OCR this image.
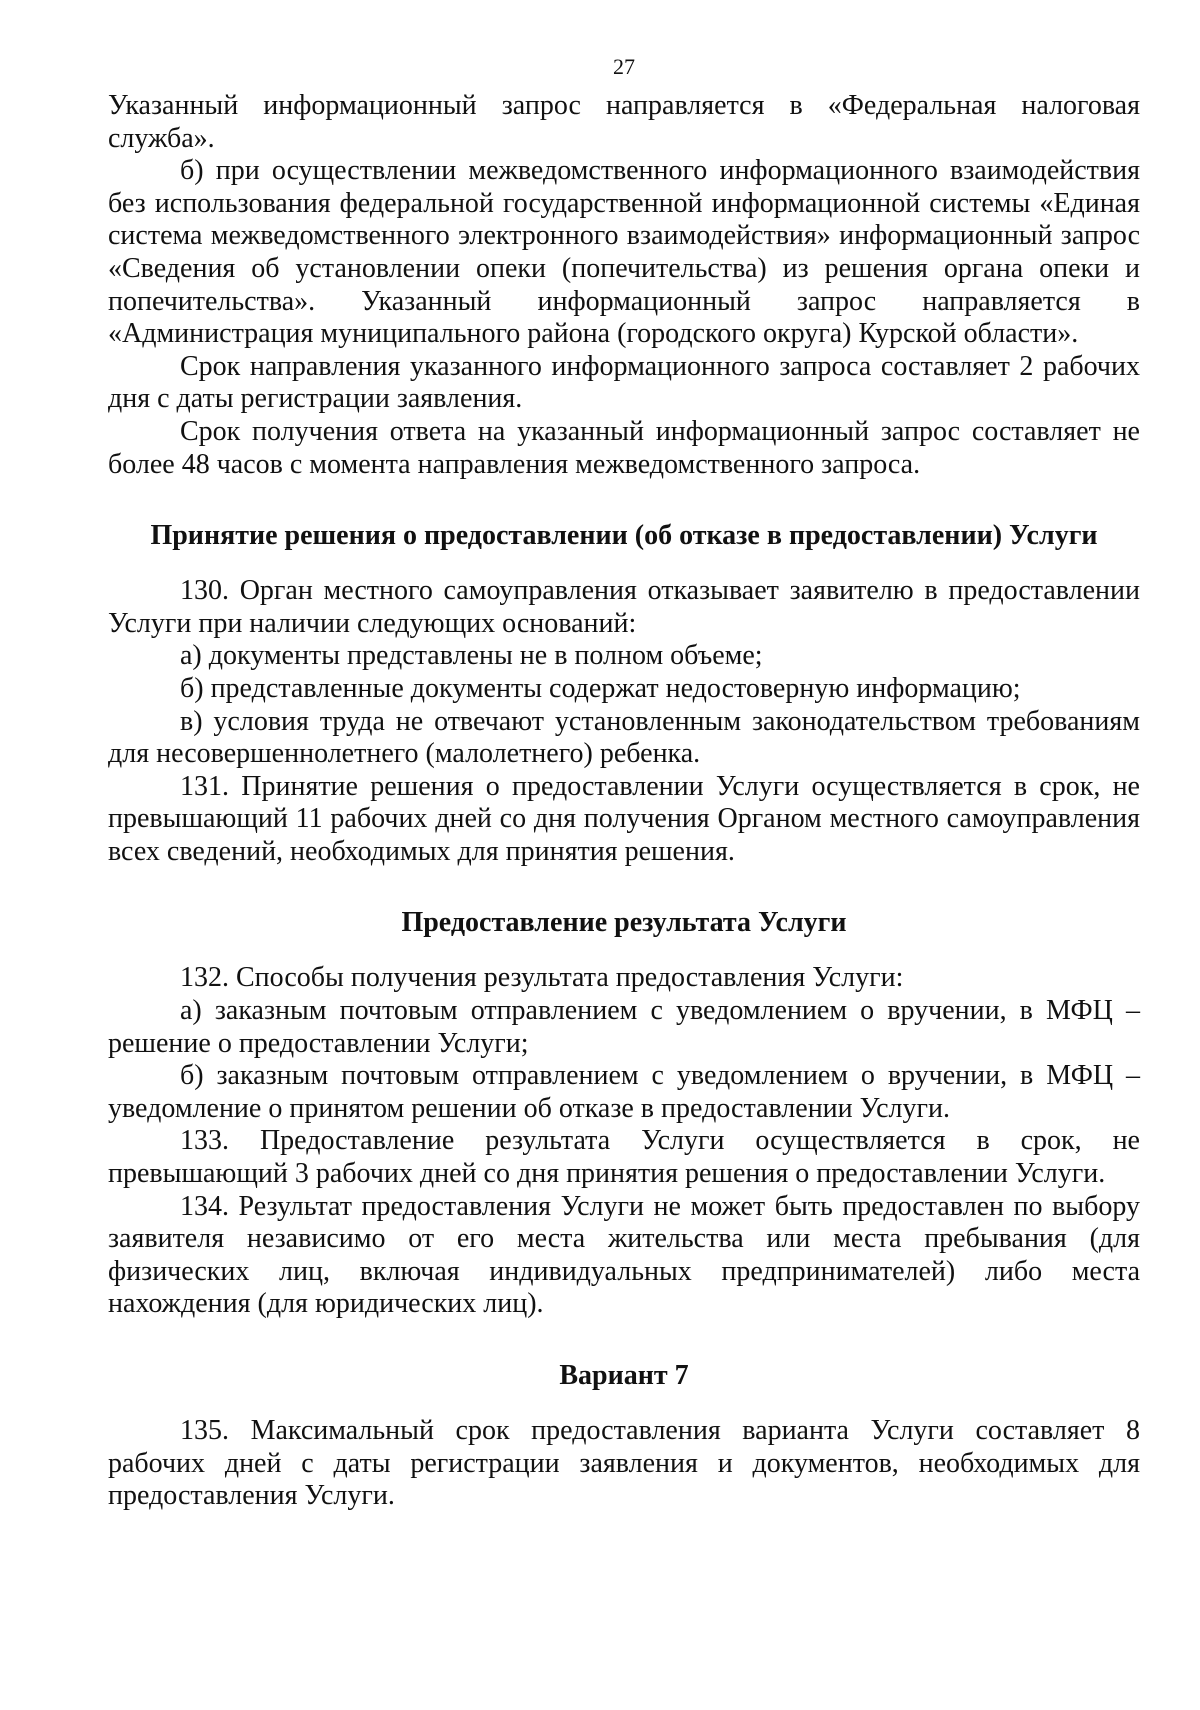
27

Указанный информационный запрос направляется в «Федеральная налоговая служба».

б) при осуществлении межведомственного информационного взаимодействия без использования федеральной государственной информационной системы «Единая система межведомственного электронного взаимодействия» информационный запрос «Сведения об установлении опеки (попечительства) из решения органа опеки и попечительства». Указанный информационный запрос направляется в «Администрация муниципального района (городского округа) Курской области».

Срок направления указанного информационного запроса составляет 2 рабочих дня с даты регистрации заявления.

Срок получения ответа на указанный информационный запрос составляет не более 48 часов с момента направления межведомственного запроса.

Принятие решения о предоставлении (об отказе в предоставлении) Услуги

130. Орган местного самоуправления отказывает заявителю в предоставлении Услуги при наличии следующих оснований:

а) документы представлены не в полном объеме;

б) представленные документы содержат недостоверную информацию;

в) условия труда не отвечают установленным законодательством требованиям для несовершеннолетнего (малолетнего) ребенка.

131. Принятие решения о предоставлении Услуги осуществляется в срок, не превышающий 11 рабочих дней со дня получения Органом местного самоуправления всех сведений, необходимых для принятия решения.

Предоставление результата Услуги

132. Способы получения результата предоставления Услуги:

а) заказным почтовым отправлением с уведомлением о вручении, в МФЦ – решение о предоставлении Услуги;

б) заказным почтовым отправлением с уведомлением о вручении, в МФЦ – уведомление о принятом решении об отказе в предоставлении Услуги.

133. Предоставление результата Услуги осуществляется в срок, не превышающий 3 рабочих дней со дня принятия решения о предоставлении Услуги.

134. Результат предоставления Услуги не может быть предоставлен по выбору заявителя независимо от его места жительства или места пребывания (для физических лиц, включая индивидуальных предпринимателей) либо места нахождения (для юридических лиц).

Вариант 7

135. Максимальный срок предоставления варианта Услуги составляет 8 рабочих дней с даты регистрации заявления и документов, необходимых для предоставления Услуги.
